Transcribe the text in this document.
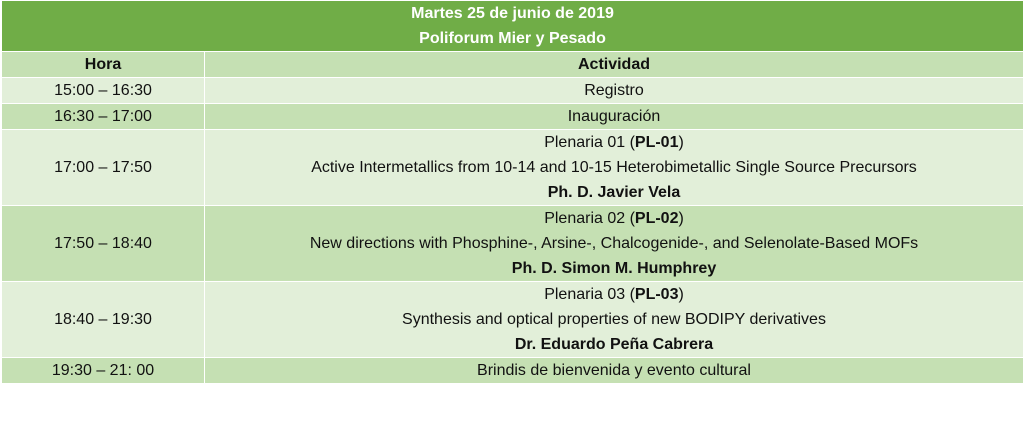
Martes 25 de junio de 2019
Poliforum Mier y Pesado	

Hora	Actividad
15:00 – 16:30	Registro
16:30 – 17:00	Inauguración
17:00 – 17:50	Plenaria 01 (PL-01)
Active Intermetallics from 10-14 and 10-15 Heterobimetallic Single Source Precursors
Ph. D. Javier Vela

17:50 – 18:40	Plenaria 02 (PL-02)
New directions with Phosphine-, Arsine-, Chalcogenide-, and Selenolate-Based MOFs
Ph. D. Simon M. Humphrey

18:40 – 19:30	Plenaria 03 (PL-03)
Synthesis and optical properties of new BODIPY derivatives
Dr. Eduardo Peña Cabrera

19:30 – 21: 00	Brindis de bienvenida y evento cultural
